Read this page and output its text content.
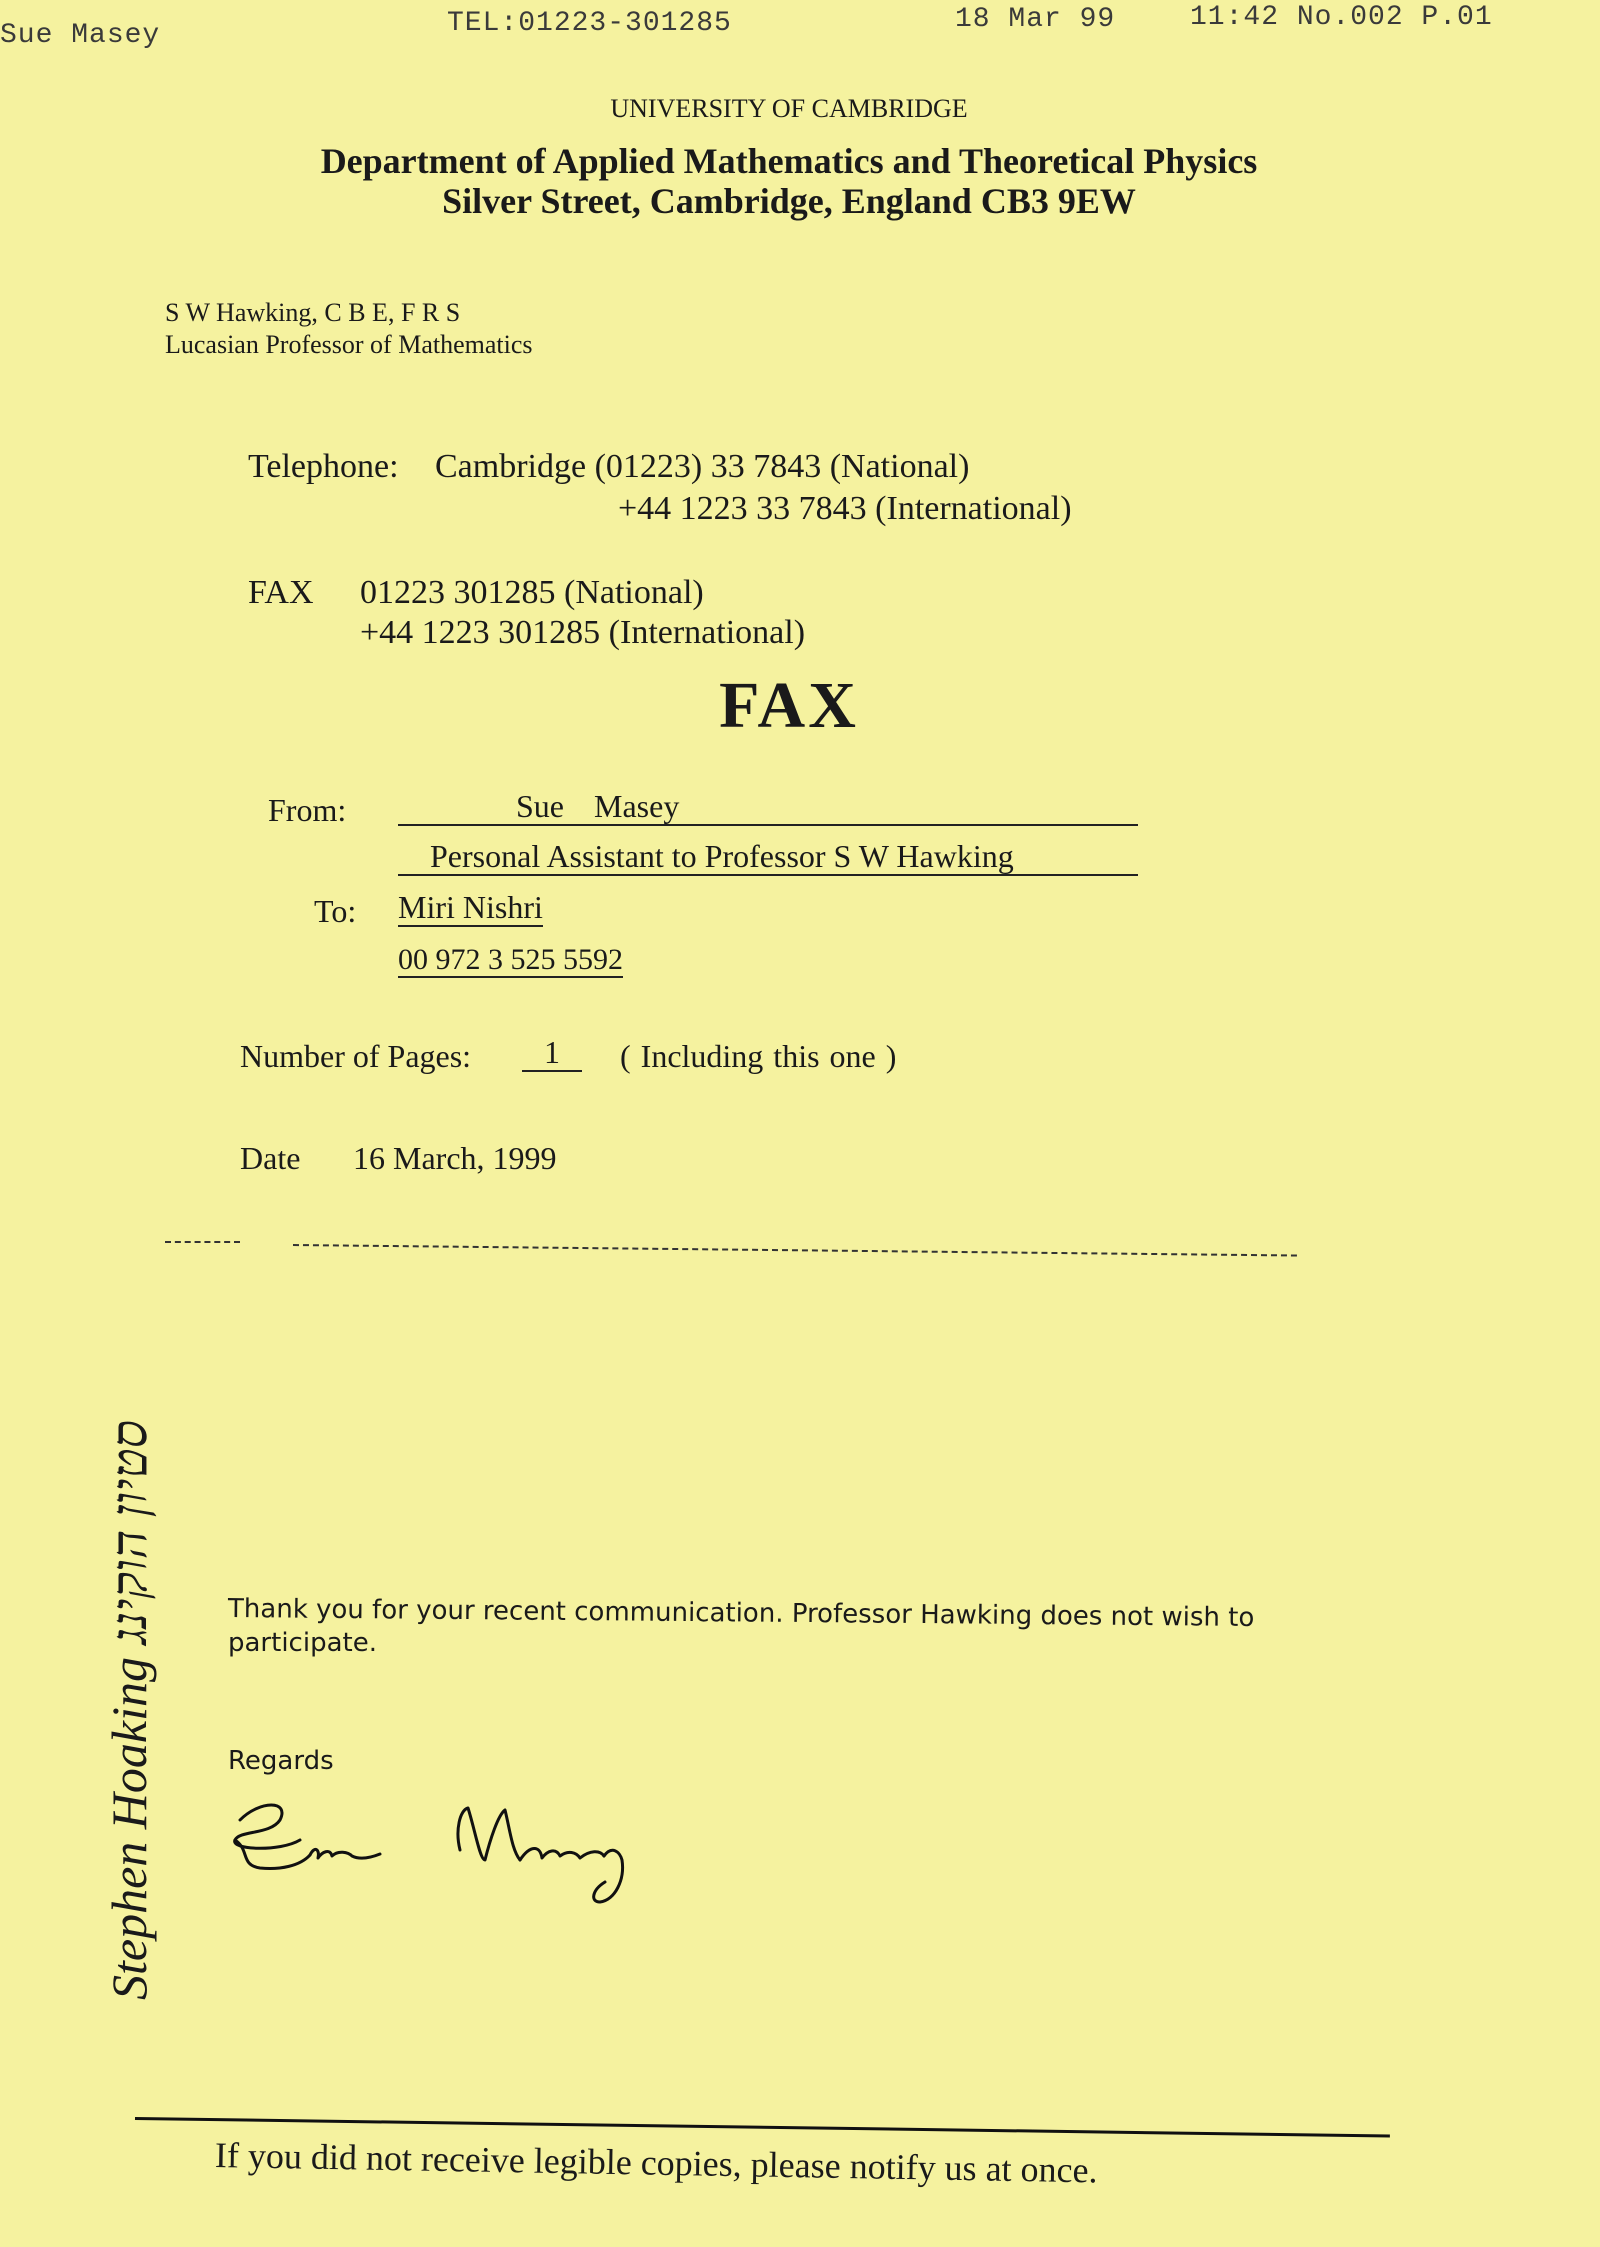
Sue Masey	TEL:01223-301285	18 Mar 99	11:42 No.002 P.01
UNIVERSITY OF CAMBRIDGE
Department of Applied Mathematics and Theoretical Physics
Silver Street, Cambridge, England CB3 9EW
S W Hawking, C B E, F R S
Lucasian Professor of Mathematics
Telephone: Cambridge (01223) 33 7843 (National)
+44 1223 33 7843 (International)
FAX 01223 301285 (National)
+44 1223 301285 (International)
FAX
From:	Sue Masey
Personal Assistant to Professor S W Hawking
To: Miri Nishri
00 972 3 525 5592
Number of Pages:	1	( Including this one )
Date 16 March, 1999
Stephen Hoaking סטיון הוקינג	Thank you for your recent communication. Professor Hawking does not wish to
participate.
Regards
If you did not receive legible copies, please notify us at once.
